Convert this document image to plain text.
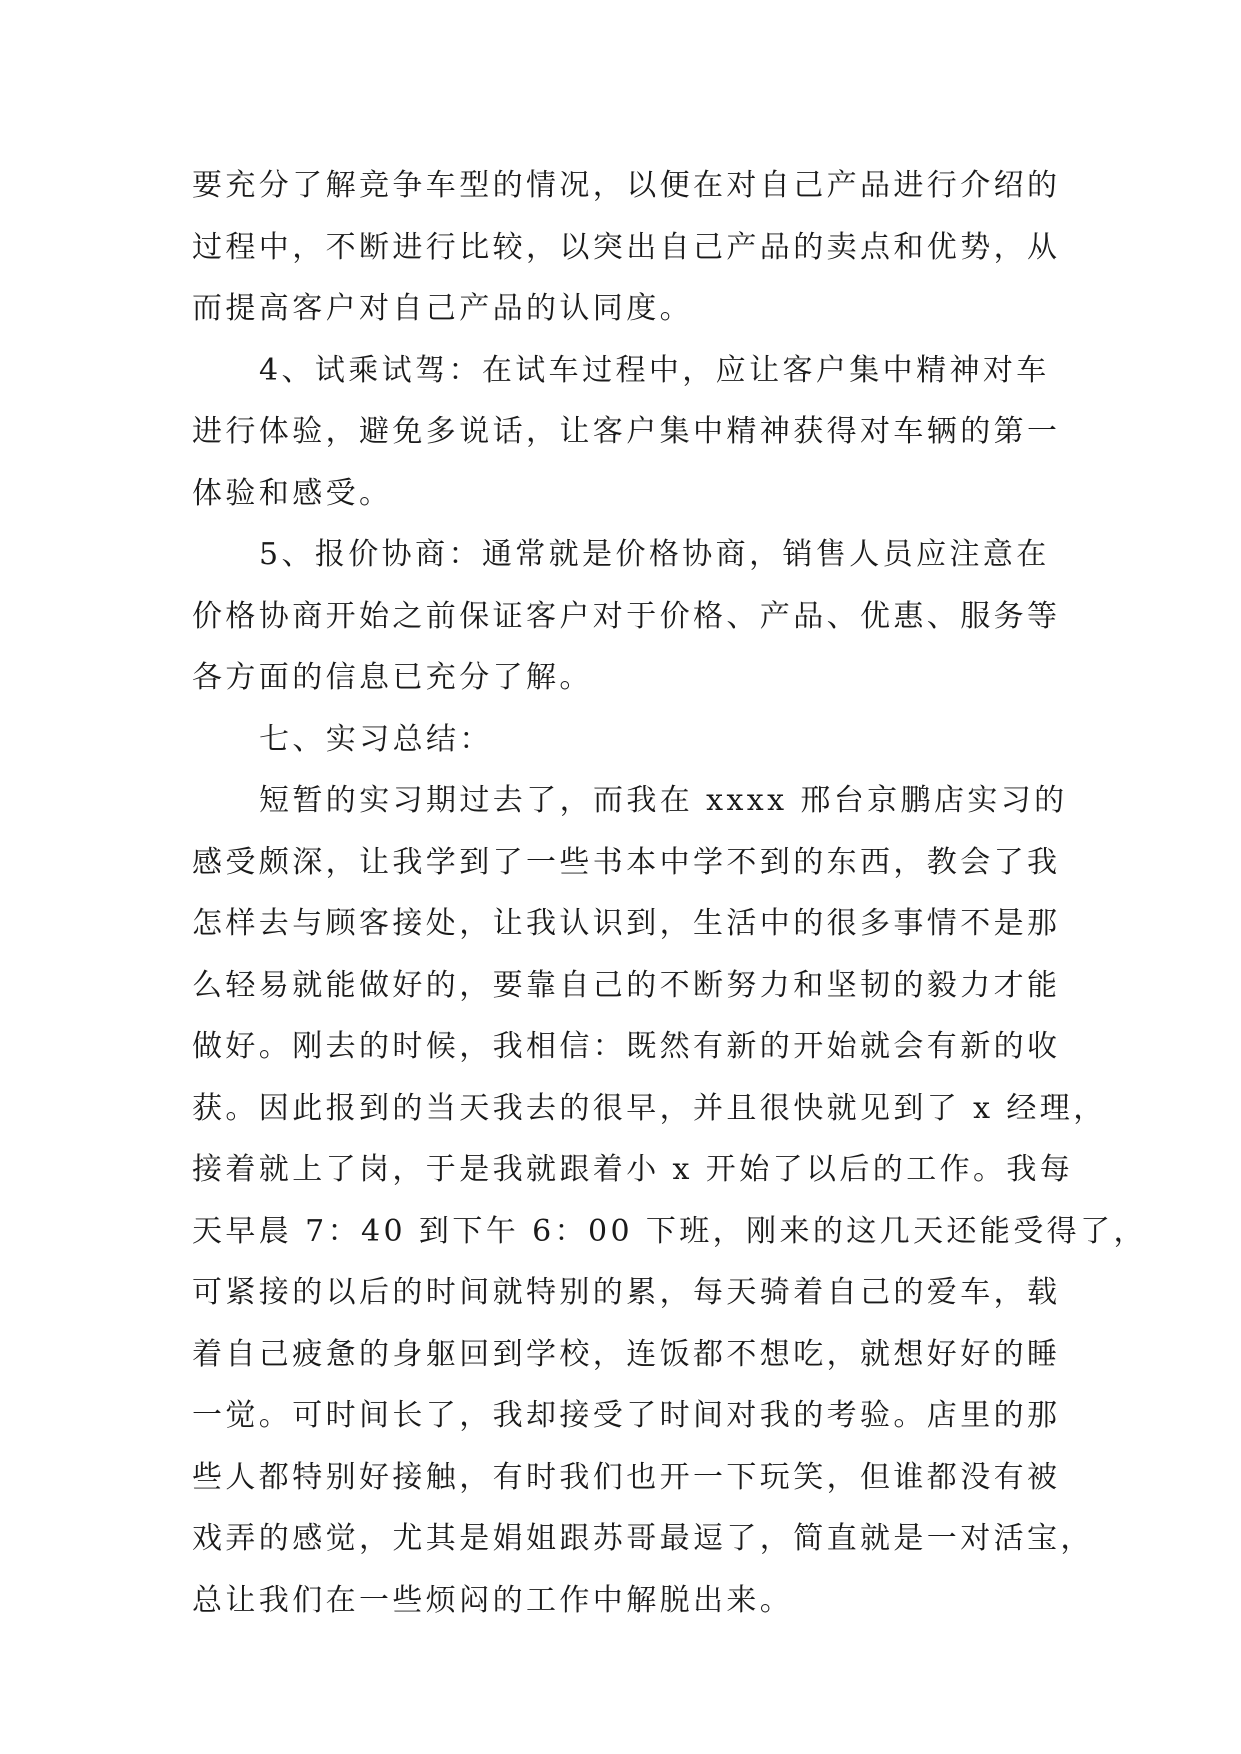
要充分了解竞争车型的情况，以便在对自己产品进行介绍的
过程中，不断进行比较，以突出自己产品的卖点和优势，从
而提高客户对自己产品的认同度。

4、试乘试驾：在试车过程中，应让客户集中精神对车
进行体验，避免多说话，让客户集中精神获得对车辆的第一
体验和感受。

5、报价协商：通常就是价格协商，销售人员应注意在
价格协商开始之前保证客户对于价格、产品、优惠、服务等
各方面的信息已充分了解。

七、实习总结：

短暂的实习期过去了，而我在 xxxx 邢台京鹏店实习的
感受颇深，让我学到了一些书本中学不到的东西，教会了我
怎样去与顾客接处，让我认识到，生活中的很多事情不是那
么轻易就能做好的，要靠自己的不断努力和坚韧的毅力才能
做好。刚去的时候，我相信：既然有新的开始就会有新的收
获。因此报到的当天我去的很早，并且很快就见到了 x 经理，
接着就上了岗，于是我就跟着小 x 开始了以后的工作。我每
天早晨 7：40 到下午 6：00 下班，刚来的这几天还能受得了，
可紧接的以后的时间就特别的累，每天骑着自己的爱车，载
着自己疲惫的身躯回到学校，连饭都不想吃，就想好好的睡
一觉。可时间长了，我却接受了时间对我的考验。店里的那
些人都特别好接触，有时我们也开一下玩笑，但谁都没有被
戏弄的感觉，尤其是娟姐跟苏哥最逗了，简直就是一对活宝，
总让我们在一些烦闷的工作中解脱出来。
